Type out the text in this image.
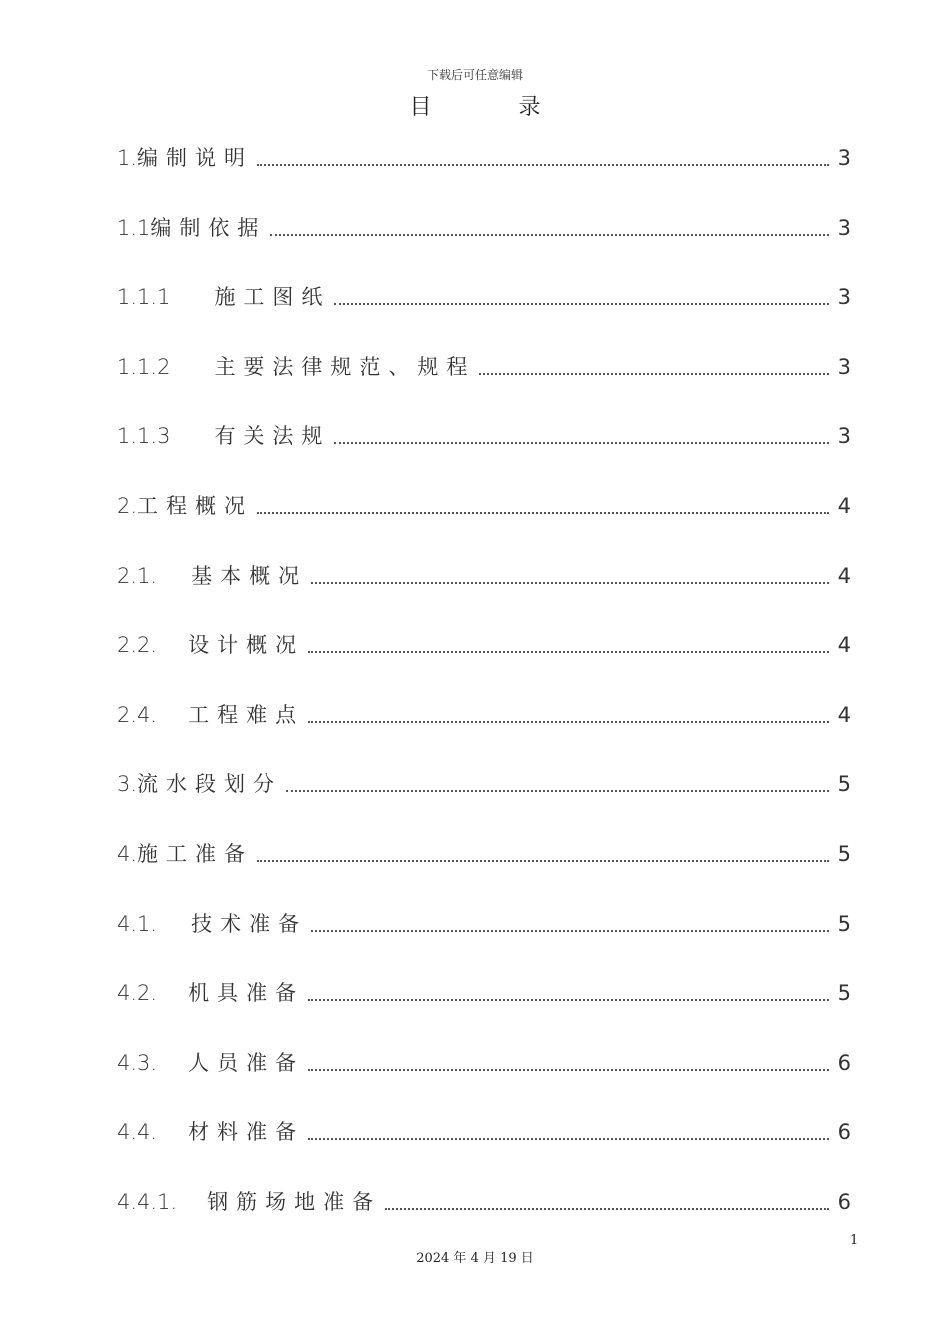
下载后可任意编辑
目 录
1. 编制说明	3
1.1 编制依据	3
1.1.1 施工图纸	3
1.1.2 主要法律规范、规程	3
1.1.3 有关法规	3
2. 工程概况	4
2.1. 基本概况	4
2.2. 设计概况	4
2.4. 工程难点	4
3. 流水段划分	5
4. 施工准备	5
4.1. 技术准备	5
4.2. 机具准备	5
4.3. 人员准备	6
4.4. 材料准备	6
4.4.1. 钢筋场地准备	6
1
2024 年 4 月 19 日
